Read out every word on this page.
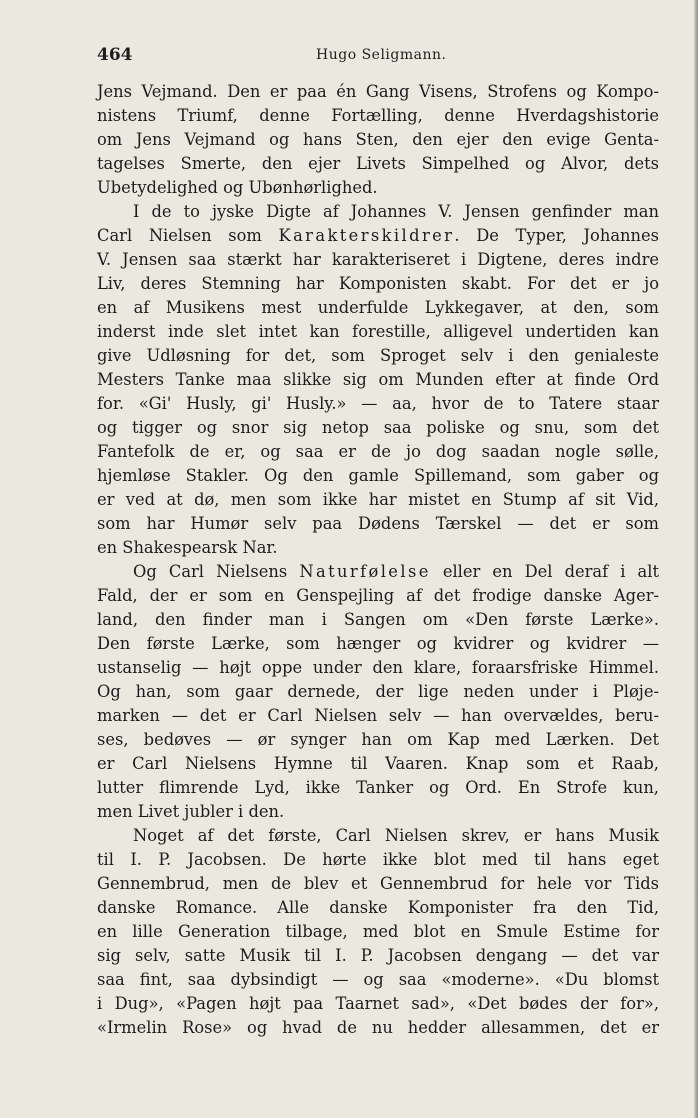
464	Hugo Seligmann.
Jens Vejmand. Den er paa én Gang Visens, Strofens og Kompo-
nistens Triumf, denne Fortælling, denne Hverdagshistorie
om Jens Vejmand og hans Sten, den ejer den evige Genta-
tagelses Smerte, den ejer Livets Simpelhed og Alvor, dets
Ubetydelighed og Ubønhørlighed.
I de to jyske Digte af Johannes V. Jensen genfinder man
Carl Nielsen som Karakterskildrer. De Typer, Johannes
V. Jensen saa stærkt har karakteriseret i Digtene, deres indre
Liv, deres Stemning har Komponisten skabt. For det er jo
en af Musikens mest underfulde Lykkegaver, at den, som
inderst inde slet intet kan forestille, alligevel undertiden kan
give Udløsning for det, som Sproget selv i den genialeste
Mesters Tanke maa slikke sig om Munden efter at finde Ord
for. «Gi' Husly, gi' Husly.» — aa, hvor de to Tatere staar
og tigger og snor sig netop saa poliske og snu, som det
Fantefolk de er, og saa er de jo dog saadan nogle sølle,
hjemløse Stakler. Og den gamle Spillemand, som gaber og
er ved at dø, men som ikke har mistet en Stump af sit Vid,
som har Humør selv paa Dødens Tærskel — det er som
en Shakespearsk Nar.
Og Carl Nielsens Naturfølelse eller en Del deraf i alt
Fald, der er som en Genspejling af det frodige danske Ager-
land, den finder man i Sangen om «Den første Lærke».
Den første Lærke, som hænger og kvidrer og kvidrer —
ustanselig — højt oppe under den klare, foraarsfriske Himmel.
Og han, som gaar dernede, der lige neden under i Pløje-
marken — det er Carl Nielsen selv — han overvældes, beru-
ses, bedøves — ør synger han om Kap med Lærken. Det
er Carl Nielsens Hymne til Vaaren. Knap som et Raab,
lutter flimrende Lyd, ikke Tanker og Ord. En Strofe kun,
men Livet jubler i den.
Noget af det første, Carl Nielsen skrev, er hans Musik
til I. P. Jacobsen. De hørte ikke blot med til hans eget
Gennembrud, men de blev et Gennembrud for hele vor Tids
danske Romance. Alle danske Komponister fra den Tid,
en lille Generation tilbage, med blot en Smule Estime for
sig selv, satte Musik til I. P. Jacobsen dengang — det var
saa fint, saa dybsindigt — og saa «moderne». «Du blomst
i Dug», «Pagen højt paa Taarnet sad», «Det bødes der for»,
«Irmelin Rose» og hvad de nu hedder allesammen, det er
